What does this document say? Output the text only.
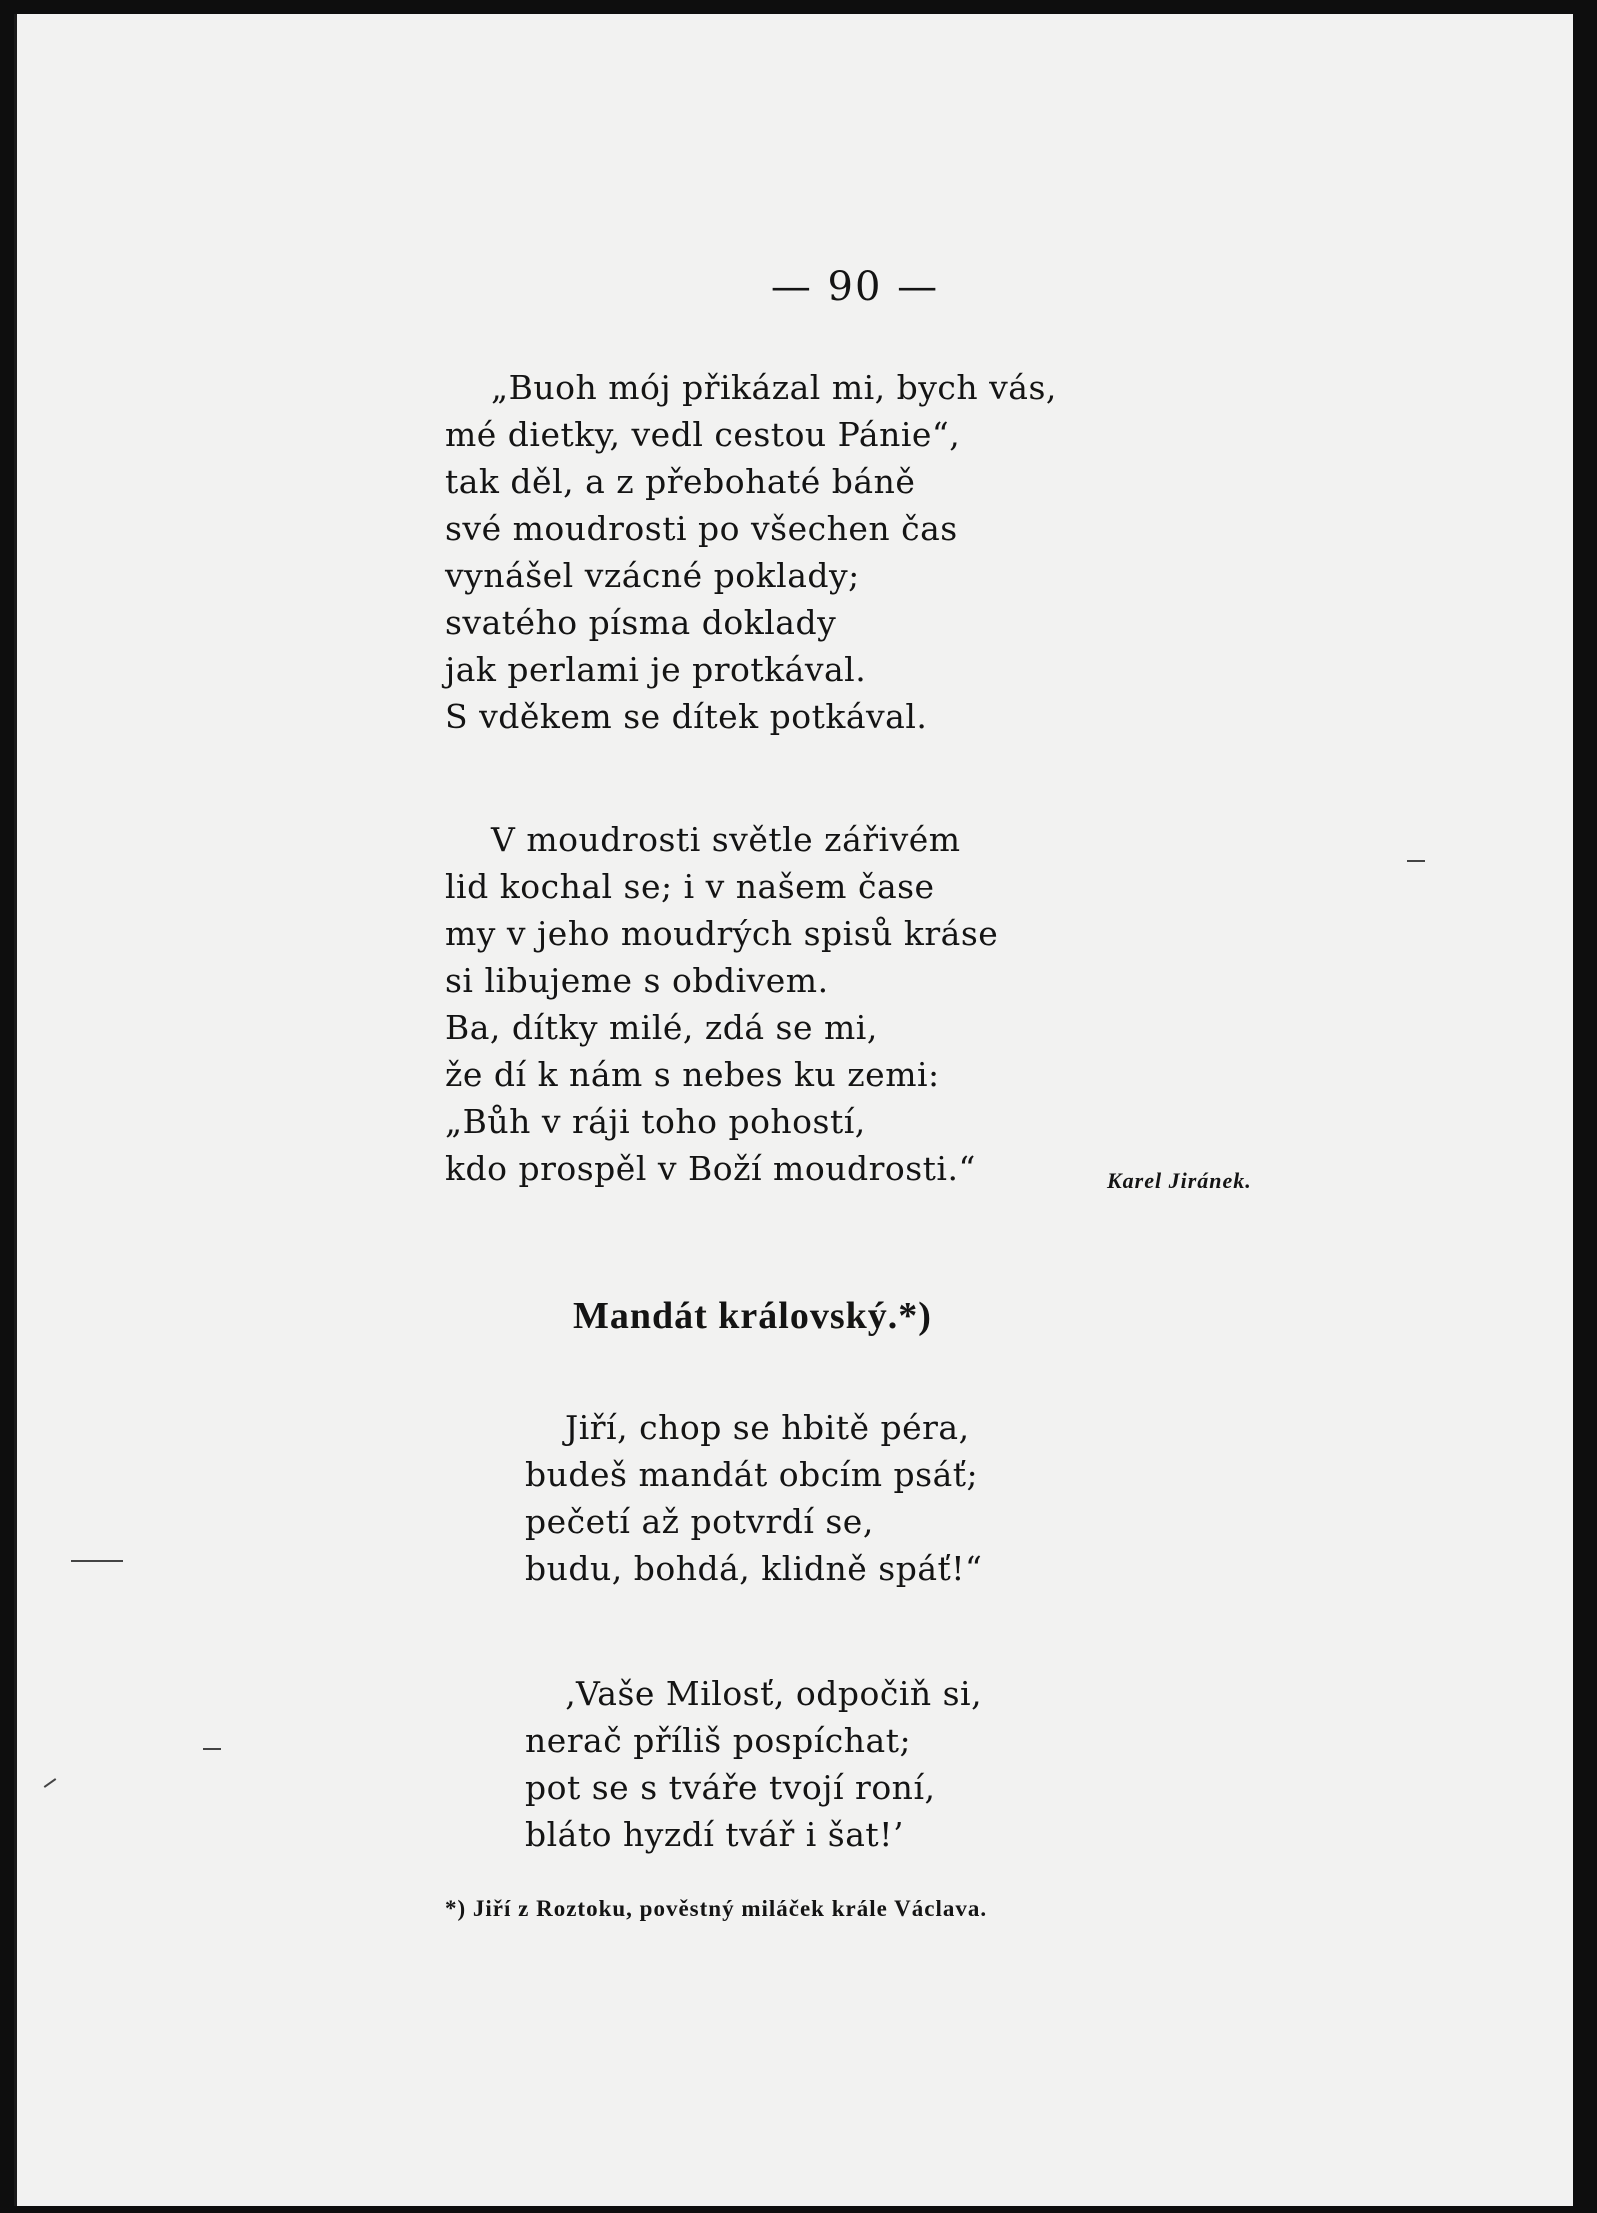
— 90 —
„Buoh mój přikázal mi, bych vás,
mé dietky, vedl cestou Pánie“,
tak děl, a z přebohaté báně
své moudrosti po všechen čas
vynášel vzácné poklady;
svatého písma doklady
jak perlami je protkával.
S vděkem se dítek potkával.
V moudrosti světle zářivém
lid kochal se; i v našem čase
my v jeho moudrých spisů kráse
si libujeme s obdivem.
Ba, dítky milé, zdá se mi,
že dí k nám s nebes ku zemi:
„Bůh v ráji toho pohostí,
kdo prospěl v Boží moudrosti.“	Karel Jiránek.
Mandát královský.*)
Jiří, chop se hbitě péra,
budeš mandát obcím psáť;
pečetí až potvrdí se,
budu, bohdá, klidně spáť!“
‚Vaše Milosť, odpočiň si,
nerač příliš pospíchat;
pot se s tváře tvojí roní,
bláto hyzdí tvář i šat!’
*) Jiří z Roztoku, pověstný miláček krále Václava.
